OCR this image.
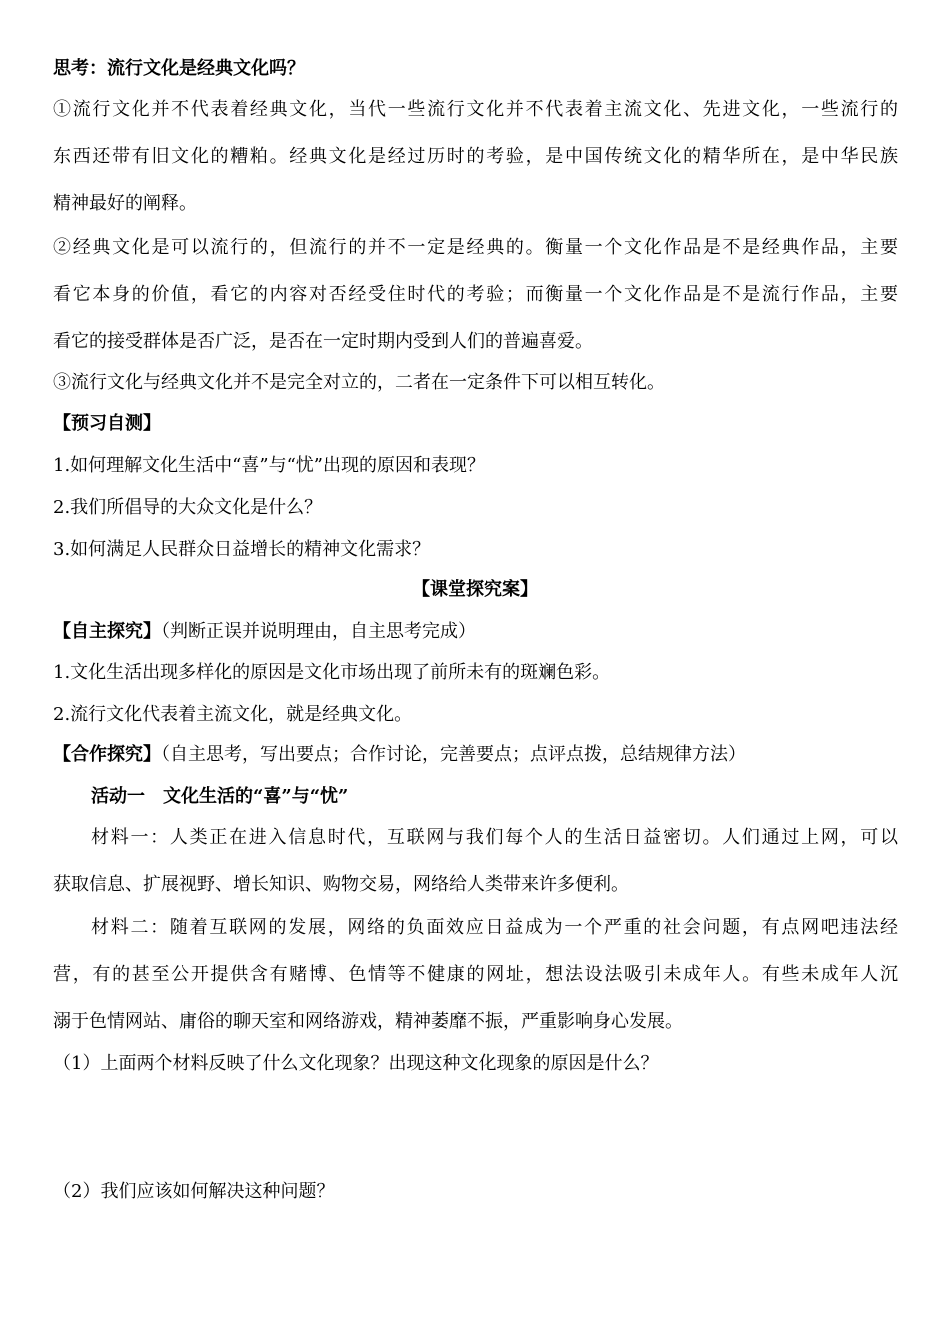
思考：流行文化是经典文化吗？
①流行文化并不代表着经典文化，当代一些流行文化并不代表着主流文化、先进文化，一些流行的
东西还带有旧文化的糟粕。经典文化是经过历时的考验，是中国传统文化的精华所在，是中华民族
精神最好的阐释。
②经典文化是可以流行的，但流行的并不一定是经典的。衡量一个文化作品是不是经典作品，主要
看它本身的价值，看它的内容对否经受住时代的考验；而衡量一个文化作品是不是流行作品，主要
看它的接受群体是否广泛，是否在一定时期内受到人们的普遍喜爱。
③流行文化与经典文化并不是完全对立的，二者在一定条件下可以相互转化。
【预习自测】
1.如何理解文化生活中“喜”与“忧”出现的原因和表现？
2.我们所倡导的大众文化是什么？
3.如何满足人民群众日益增长的精神文化需求？
【课堂探究案】
【自主探究】（判断正误并说明理由，自主思考完成）
1.文化生活出现多样化的原因是文化市场出现了前所未有的斑斓色彩。
2.流行文化代表着主流文化，就是经典文化。
【合作探究】（自主思考，写出要点；合作讨论，完善要点；点评点拨，总结规律方法）
活动一　文化生活的“喜”与“忧”
材料一：人类正在进入信息时代，互联网与我们每个人的生活日益密切。人们通过上网，可以
获取信息、扩展视野、增长知识、购物交易，网络给人类带来许多便利。
材料二：随着互联网的发展，网络的负面效应日益成为一个严重的社会问题，有点网吧违法经
营，有的甚至公开提供含有赌博、色情等不健康的网址，想法设法吸引未成年人。有些未成年人沉
溺于色情网站、庸俗的聊天室和网络游戏，精神萎靡不振，严重影响身心发展。
（1）上面两个材料反映了什么文化现象？出现这种文化现象的原因是什么？
（2）我们应该如何解决这种问题？
